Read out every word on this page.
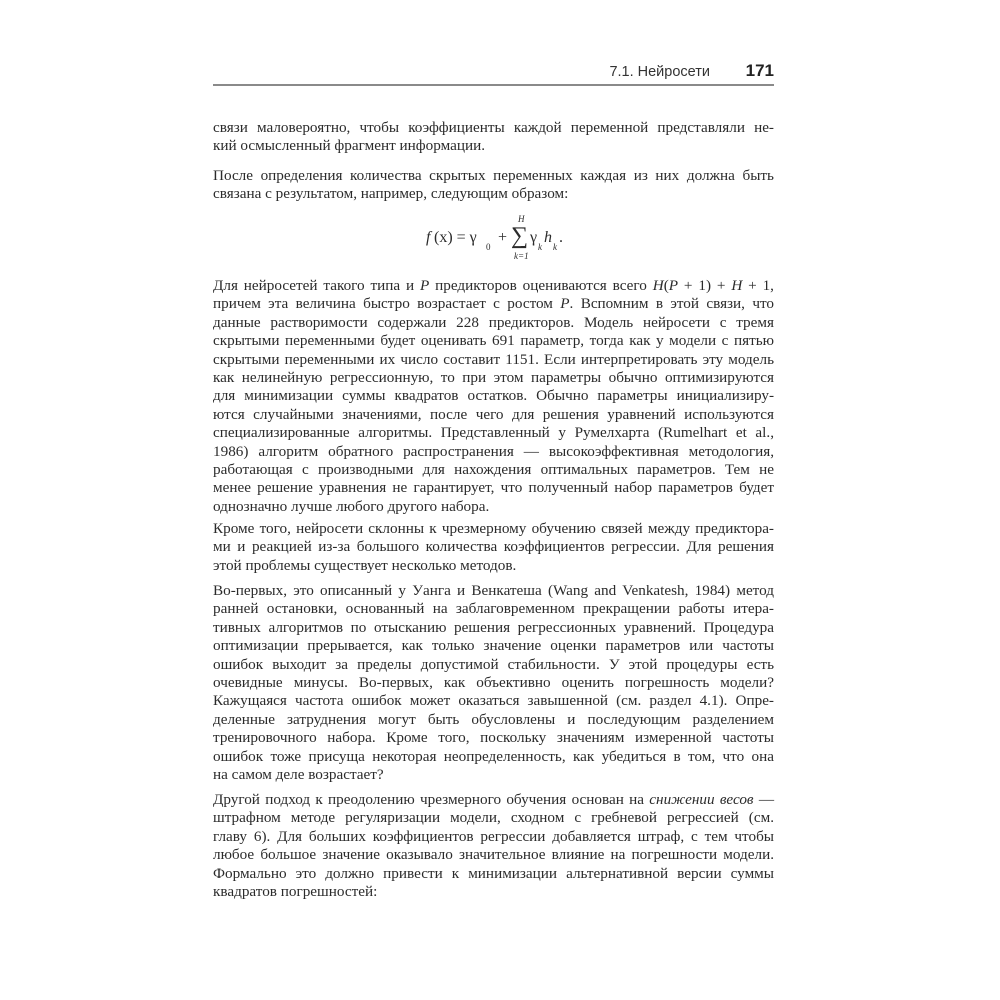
7.1. Нейросети 171
связи маловероятно, чтобы коэффициенты каждой переменной представляли не-
кий осмысленный фрагмент информации.
После определения количества скрытых переменных каждая из них должна быть
связана с результатом, например, следующим образом:
f (x) = γ
0
+ ∑
H
k=1
γ
k
h
k
.
Для нейросетей такого типа и P предикторов оцениваются всего H(P + 1) + H + 1,
причем эта величина быстро возрастает с ростом P. Вспомним в этой связи, что
данные растворимости содержали 228 предикторов. Модель нейросети с тремя
скрытыми переменными будет оценивать 691 параметр, тогда как у модели с пятью
скрытыми переменными их число составит 1151. Если интерпретировать эту модель
как нелинейную регрессионную, то при этом параметры обычно оптимизируются
для минимизации суммы квадратов остатков. Обычно параметры инициализиру-
ются случайными значениями, после чего для решения уравнений используются
специализированные алгоритмы. Представленный у Румелхарта (Rumelhart et al.,
1986) алгоритм обратного распространения — высокоэффективная методология,
работающая с производными для нахождения оптимальных параметров. Тем не
менее решение уравнения не гарантирует, что полученный набор параметров будет
однозначно лучше любого другого набора.
Кроме того, нейросети склонны к чрезмерному обучению связей между предиктора-
ми и реакцией из-за большого количества коэффициентов регрессии. Для решения
этой проблемы существует несколько методов.
Во-первых, это описанный у Уанга и Венкатеша (Wang and Venkatesh, 1984) метод
ранней остановки, основанный на заблаговременном прекращении работы итера-
тивных алгоритмов по отысканию решения регрессионных уравнений. Процедура
оптимизации прерывается, как только значение оценки параметров или частоты
ошибок выходит за пределы допустимой стабильности. У этой процедуры есть
очевидные минусы. Во-первых, как объективно оценить погрешность модели?
Кажущаяся частота ошибок может оказаться завышенной (см. раздел 4.1). Опре-
деленные затруднения могут быть обусловлены и последующим разделением
тренировочного набора. Кроме того, поскольку значениям измеренной частоты
ошибок тоже присуща некоторая неопределенность, как убедиться в том, что она
на самом деле возрастает?
Другой подход к преодолению чрезмерного обучения основан на снижении весов —
штрафном методе регуляризации модели, сходном с гребневой регрессией (см.
главу 6). Для больших коэффициентов регрессии добавляется штраф, с тем чтобы
любое большое значение оказывало значительное влияние на погрешности модели.
Формально это должно привести к минимизации альтернативной версии суммы
квадратов погрешностей:
